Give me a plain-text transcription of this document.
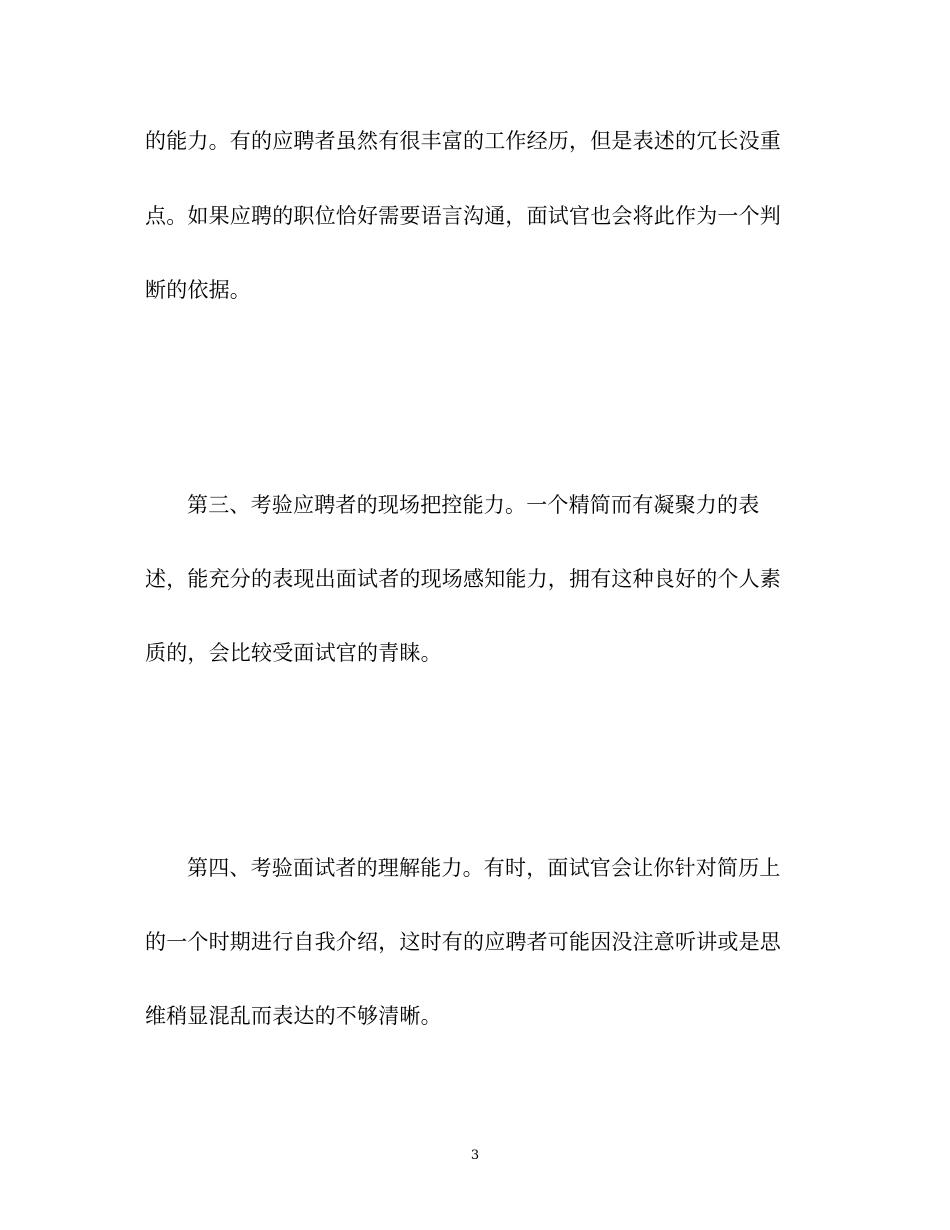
的能力。有的应聘者虽然有很丰富的工作经历，但是表述的冗长没重
点。如果应聘的职位恰好需要语言沟通，面试官也会将此作为一个判
断的依据。
第三、考验应聘者的现场把控能力。一个精简而有凝聚力的表
述，能充分的表现出面试者的现场感知能力，拥有这种良好的个人素
质的，会比较受面试官的青睐。
第四、考验面试者的理解能力。有时，面试官会让你针对简历上
的一个时期进行自我介绍，这时有的应聘者可能因没注意听讲或是思
维稍显混乱而表达的不够清晰。
3
